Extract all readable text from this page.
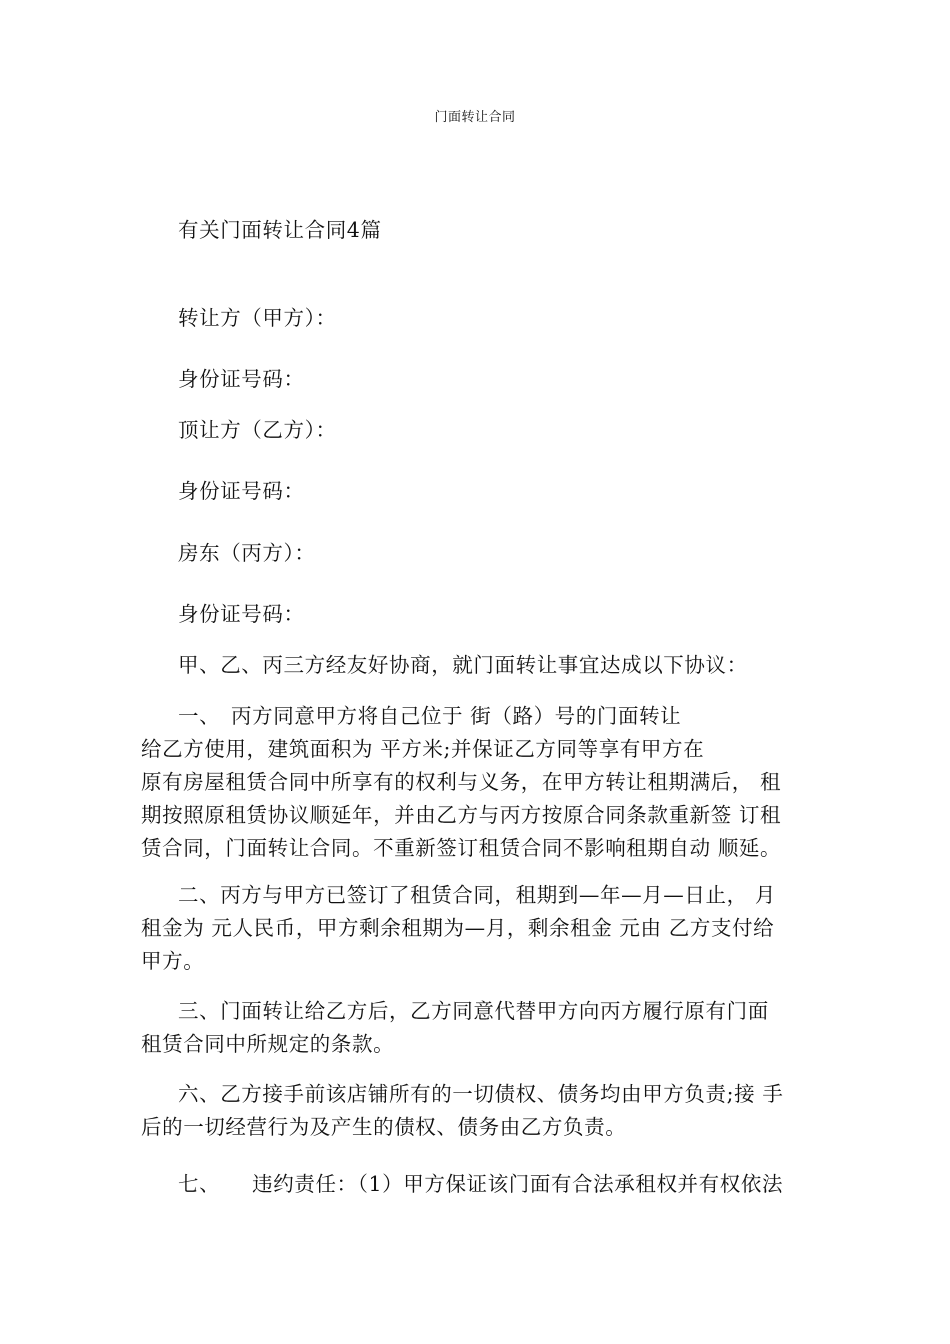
门面转让合同
有关门面转让合同4篇
转让方（甲方）：
身份证号码：
顶让方（乙方）：
身份证号码：
房东（丙方）：
身份证号码：
甲、乙、丙三方经友好协商，就门面转让事宜达成以下协议：
一、　丙方同意甲方将自己位于 街（路）号的门面转让
给乙方使用，建筑面积为 平方米;并保证乙方同等享有甲方在
原有房屋租赁合同中所享有的权利与义务，在甲方转让租期满后， 租
期按照原租赁协议顺延年，并由乙方与丙方按原合同条款重新签 订租
赁合同，门面转让合同。不重新签订租赁合同不影响租期自动 顺延。
二、丙方与甲方已签订了租赁合同，租期到—年—月—日止， 月
租金为 元人民币，甲方剩余租期为—月，剩余租金 元由 乙方支付给
甲方。
三、门面转让给乙方后，乙方同意代替甲方向丙方履行原有门面
租赁合同中所规定的条款。
六、乙方接手前该店铺所有的一切债权、债务均由甲方负责;接 手
后的一切经营行为及产生的债权、债务由乙方负责。
七、　　违约责任：（1）甲方保证该门面有合法承租权并有权依法
